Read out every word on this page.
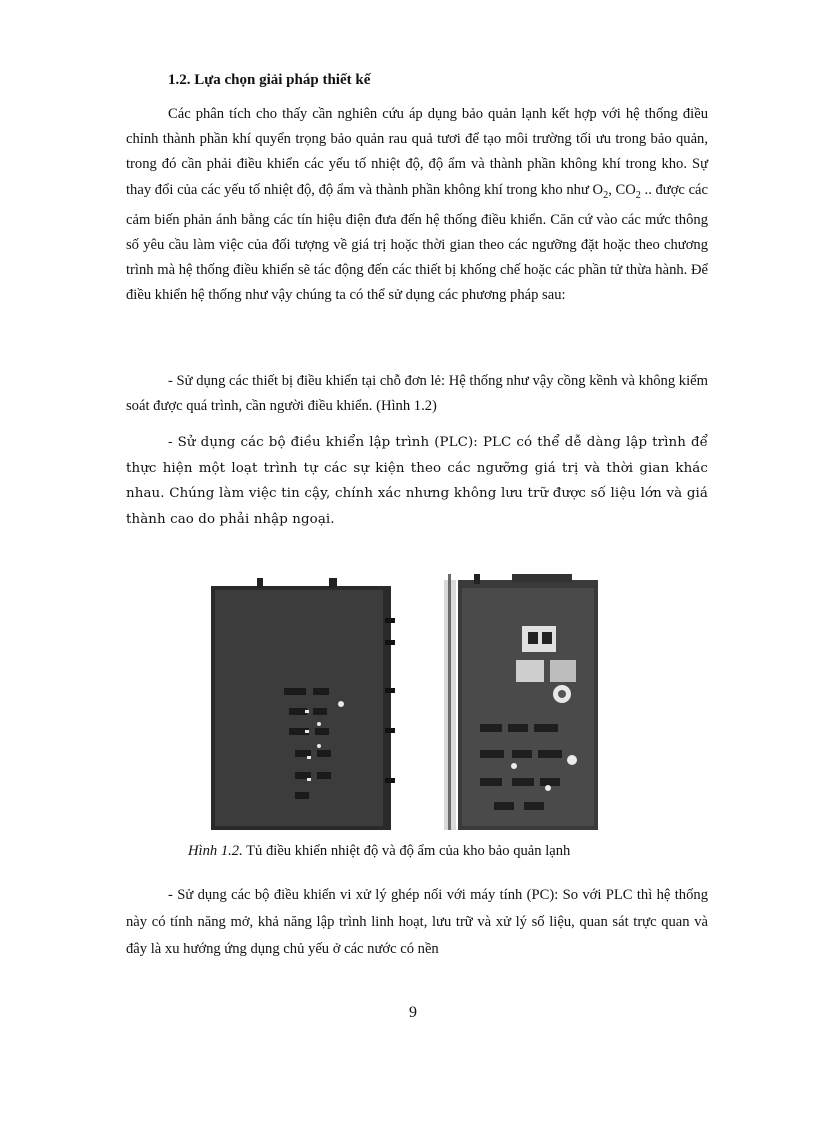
1.2. Lựa chọn giải pháp thiết kế

Các phân tích cho thấy cần nghiên cứu áp dụng bảo quản lạnh kết hợp với hệ thống điều chỉnh thành phần khí quyển trọng bảo quản rau quả tươi để tạo môi trường tối ưu trong bảo quản, trong đó cần phải điều khiển các yếu tố nhiệt độ, độ ẩm và thành phần không khí trong kho. Sự thay đổi của các yếu tố nhiệt độ, độ ẩm và thành phần không khí trong kho như $O_2$, $CO_2$ .. được các cảm biến phản ánh bằng các tín hiệu điện đưa đến hệ thống điều khiển. Căn cứ vào các mức thông số yêu cầu làm việc của đối tượng về giá trị hoặc thời gian theo các ngưỡng đặt hoặc theo chương trình mà hệ thống điều khiển sẽ tác động đến các thiết bị khống chế hoặc các phần tử thừa hành. Để điều khiển hệ thống như vậy chúng ta có thể sử dụng các phương pháp sau:

- Sử dụng các thiết bị điều khiển tại chỗ đơn lẻ: Hệ thống như vậy cồng kềnh và không kiểm soát được quá trình, cần người điều khiển. (Hình 1.2)

- Sử dụng các bộ điều khiển lập trình (PLC): PLC có thể dễ dàng lập trình để thực hiện một loạt trình tự các sự kiện theo các ngưỡng giá trị và thời gian khác nhau. Chúng làm việc tin cậy, chính xác nhưng không lưu trữ được số liệu lớn và giá thành cao do phải nhập ngoại.

Hình 1.2. Tủ điều khiển nhiệt độ và độ ẩm của kho bảo quản lạnh

- Sử dụng các bộ điều khiển vi xử lý ghép nối với máy tính (PC): So với PLC thì hệ thống này có tính năng mở, khả năng lập trình linh hoạt, lưu trữ và xử lý số liệu, quan sát trực quan và đây là xu hướng ứng dụng chủ yếu ở các nước có nền

9
